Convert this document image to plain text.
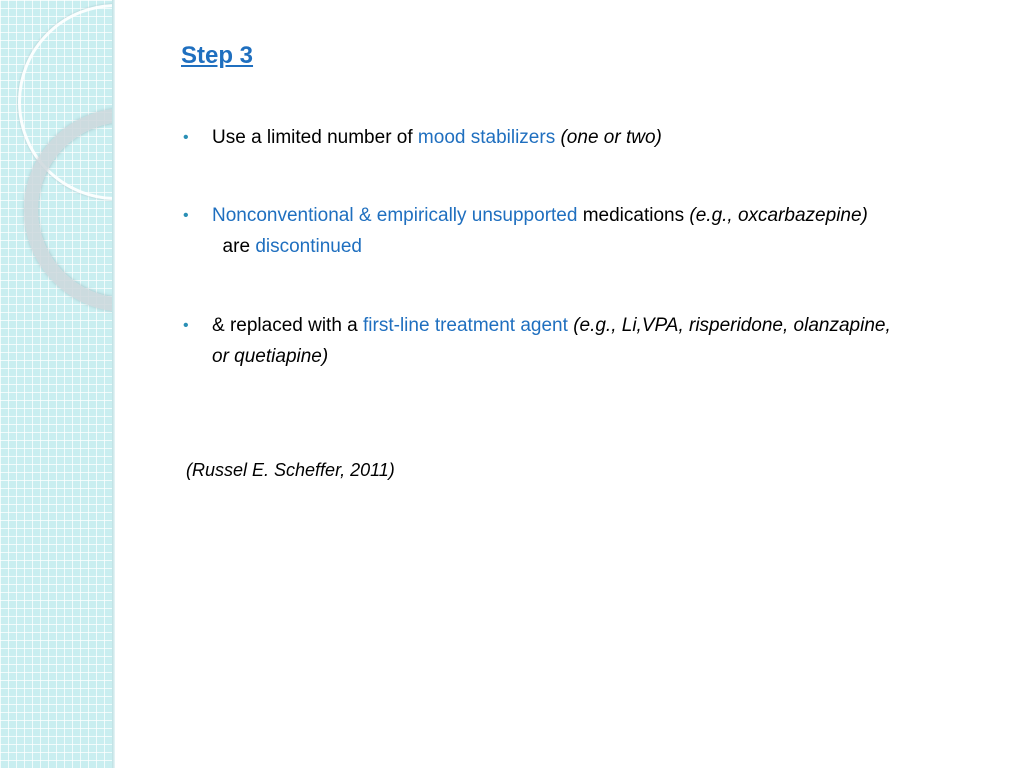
Step 3
• Use a limited number of mood stabilizers (one or two)
• Nonconventional & empirically unsupported medications (e.g., oxcarbazepine)  are discontinued
• & replaced with a first-line treatment agent (e.g., Li,VPA, risperidone, olanzapine, or quetiapine)
(Russel E. Scheffer, 2011)
